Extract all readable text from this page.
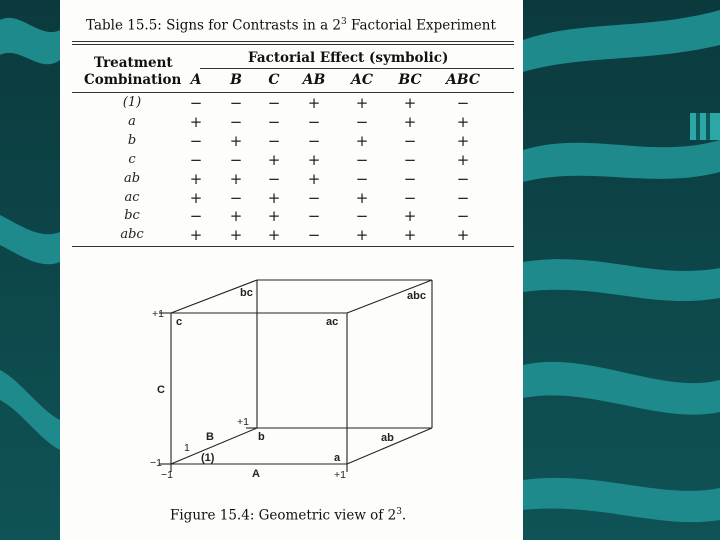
Table 15.5: Signs for Contrasts in a $2^3$ Factorial Experiment
Treatment
Combination
Factorial Effect (symbolic)
A	B	C	AB	AC	BC	ABC
(1)	−	−	−	+	+	+	−
a	+	−	−	−	−	+	+
b	−	+	−	−	+	−	+
c	−	−	+	+	−	−	+
ab	+	+	−	+	−	−	−
ac	+	−	+	−	+	−	−
bc	−	+	+	−	−	+	−
abc	+	+	+	−	+	+	+
bc	abc
c	ac
b	ab
(1)	a
C
B
A
+1
−1
−1	+1
1
+1
Figure 15.4: Geometric view of $2^3$.
